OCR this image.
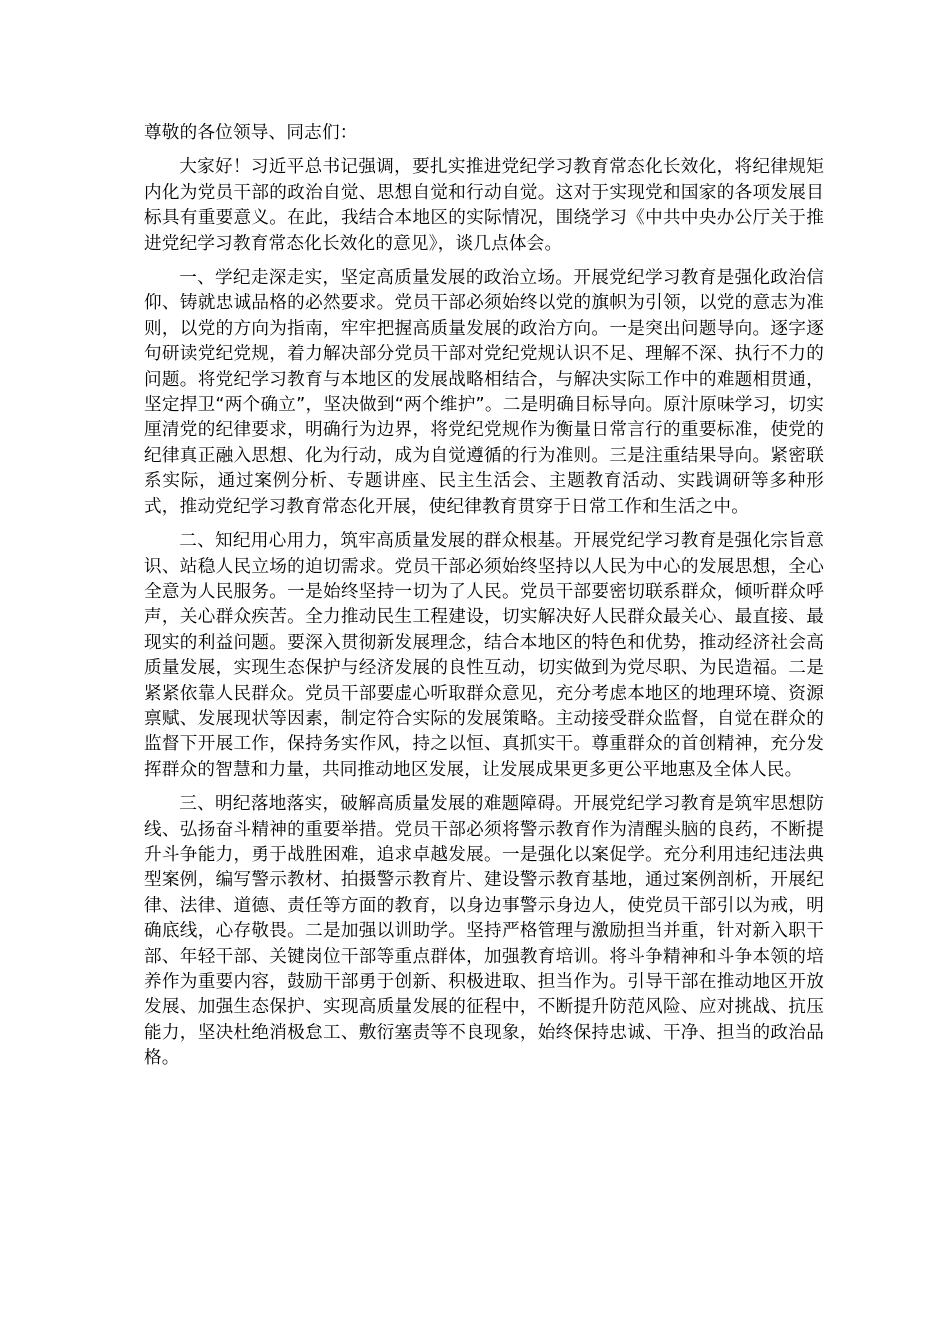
尊敬的各位领导、同志们：

大家好！习近平总书记强调，要扎实推进党纪学习教育常态化长效化，将纪律规矩内化为党员干部的政治自觉、思想自觉和行动自觉。这对于实现党和国家的各项发展目标具有重要意义。在此，我结合本地区的实际情况，围绕学习《中共中央办公厅关于推进党纪学习教育常态化长效化的意见》，谈几点体会。

一、学纪走深走实，坚定高质量发展的政治立场。开展党纪学习教育是强化政治信仰、铸就忠诚品格的必然要求。党员干部必须始终以党的旗帜为引领，以党的意志为准则，以党的方向为指南，牢牢把握高质量发展的政治方向。一是突出问题导向。逐字逐句研读党纪党规，着力解决部分党员干部对党纪党规认识不足、理解不深、执行不力的问题。将党纪学习教育与本地区的发展战略相结合，与解决实际工作中的难题相贯通，坚定捍卫“两个确立”，坚决做到“两个维护”。二是明确目标导向。原汁原味学习，切实厘清党的纪律要求，明确行为边界，将党纪党规作为衡量日常言行的重要标准，使党的纪律真正融入思想、化为行动，成为自觉遵循的行为准则。三是注重结果导向。紧密联系实际，通过案例分析、专题讲座、民主生活会、主题教育活动、实践调研等多种形式，推动党纪学习教育常态化开展，使纪律教育贯穿于日常工作和生活之中。

二、知纪用心用力，筑牢高质量发展的群众根基。开展党纪学习教育是强化宗旨意识、站稳人民立场的迫切需求。党员干部必须始终坚持以人民为中心的发展思想，全心全意为人民服务。一是始终坚持一切为了人民。党员干部要密切联系群众，倾听群众呼声，关心群众疾苦。全力推动民生工程建设，切实解决好人民群众最关心、最直接、最现实的利益问题。要深入贯彻新发展理念，结合本地区的特色和优势，推动经济社会高质量发展，实现生态保护与经济发展的良性互动，切实做到为党尽职、为民造福。二是紧紧依靠人民群众。党员干部要虚心听取群众意见，充分考虑本地区的地理环境、资源禀赋、发展现状等因素，制定符合实际的发展策略。主动接受群众监督，自觉在群众的监督下开展工作，保持务实作风，持之以恒、真抓实干。尊重群众的首创精神，充分发挥群众的智慧和力量，共同推动地区发展，让发展成果更多更公平地惠及全体人民。

三、明纪落地落实，破解高质量发展的难题障碍。开展党纪学习教育是筑牢思想防线、弘扬奋斗精神的重要举措。党员干部必须将警示教育作为清醒头脑的良药，不断提升斗争能力，勇于战胜困难，追求卓越发展。一是强化以案促学。充分利用违纪违法典型案例，编写警示教材、拍摄警示教育片、建设警示教育基地，通过案例剖析，开展纪律、法律、道德、责任等方面的教育，以身边事警示身边人，使党员干部引以为戒，明确底线，心存敬畏。二是加强以训助学。坚持严格管理与激励担当并重，针对新入职干部、年轻干部、关键岗位干部等重点群体，加强教育培训。将斗争精神和斗争本领的培养作为重要内容，鼓励干部勇于创新、积极进取、担当作为。引导干部在推动地区开放发展、加强生态保护、实现高质量发展的征程中，不断提升防范风险、应对挑战、抗压能力，坚决杜绝消极怠工、敷衍塞责等不良现象，始终保持忠诚、干净、担当的政治品格。
